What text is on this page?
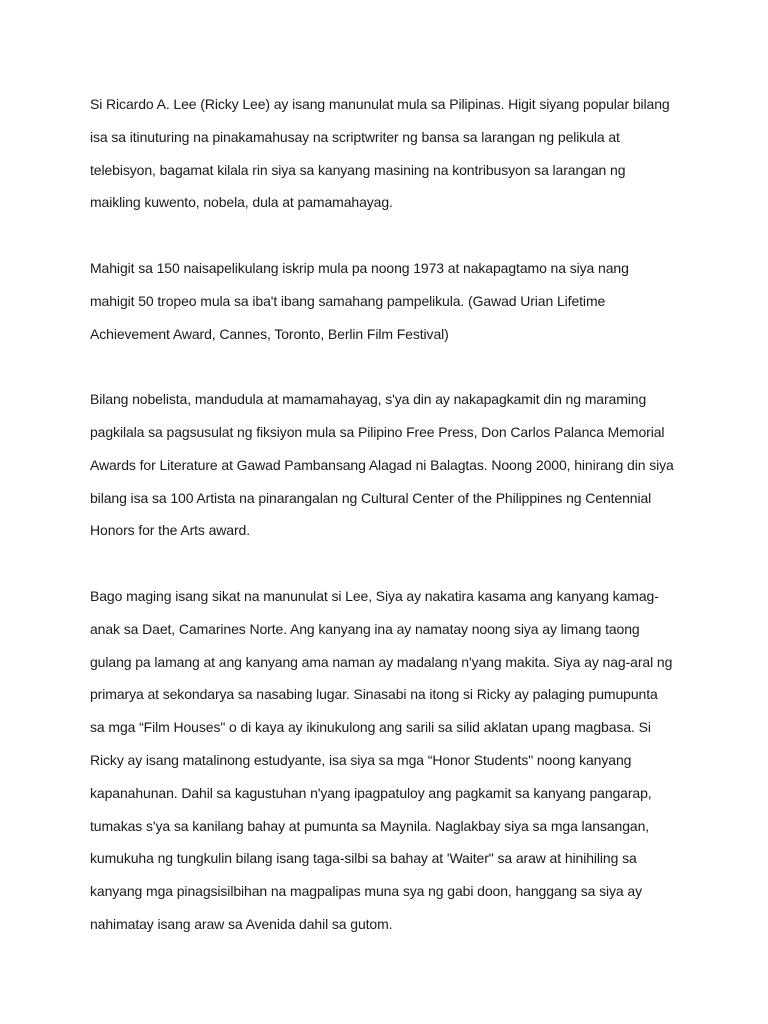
Si Ricardo A. Lee (Ricky Lee) ay isang manunulat mula sa Pilipinas. Higit siyang popular bilang
isa sa itinuturing na pinakamahusay na scriptwriter ng bansa sa larangan ng pelikula at
telebisyon, bagamat kilala rin siya sa kanyang masining na kontribusyon sa larangan ng
maikling kuwento, nobela, dula at pamamahayag.

Mahigit sa 150 naisapelikulang iskrip mula pa noong 1973 at nakapagtamo na siya nang
mahigit 50 tropeo mula sa iba't ibang samahang pampelikula. (Gawad Urian Lifetime
Achievement Award, Cannes, Toronto, Berlin Film Festival)

Bilang nobelista, mandudula at mamamahayag, s'ya din ay nakapagkamit din ng maraming
pagkilala sa pagsusulat ng fiksiyon mula sa Pilipino Free Press, Don Carlos Palanca Memorial
Awards for Literature at Gawad Pambansang Alagad ni Balagtas. Noong 2000, hinirang din siya
bilang isa sa 100 Artista na pinarangalan ng Cultural Center of the Philippines ng Centennial
Honors for the Arts award.

Bago maging isang sikat na manunulat si Lee, Siya ay nakatira kasama ang kanyang kamag-
anak sa Daet, Camarines Norte. Ang kanyang ina ay namatay noong siya ay limang taong
gulang pa lamang at ang kanyang ama naman ay madalang n'yang makita. Siya ay nag-aral ng
primarya at sekondarya sa nasabing lugar. Sinasabi na itong si Ricky ay palaging pumupunta
sa mga “Film Houses" o di kaya ay ikinukulong ang sarili sa silid aklatan upang magbasa. Si
Ricky ay isang matalinong estudyante, isa siya sa mga “Honor Students" noong kanyang
kapanahunan. Dahil sa kagustuhan n'yang ipagpatuloy ang pagkamit sa kanyang pangarap,
tumakas s'ya sa kanilang bahay at pumunta sa Maynila. Naglakbay siya sa mga lansangan,
kumukuha ng tungkulin bilang isang taga-silbi sa bahay at 'Waiter" sa araw at hinihiling sa
kanyang mga pinagsisilbihan na magpalipas muna sya ng gabi doon, hanggang sa siya ay
nahimatay isang araw sa Avenida dahil sa gutom.
